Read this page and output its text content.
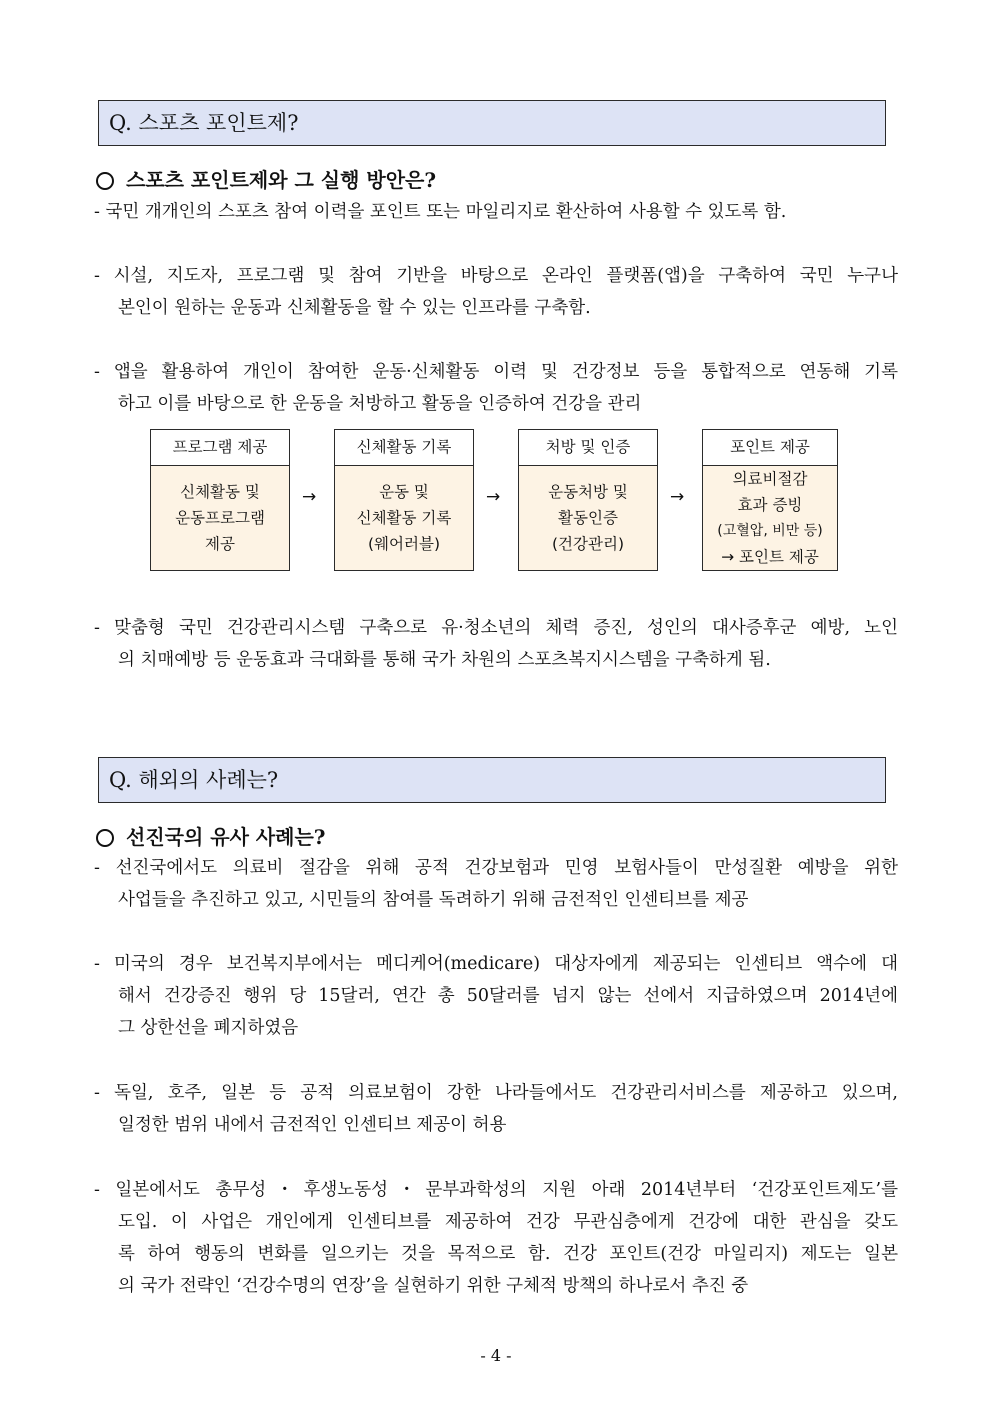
Q. 스포츠 포인트제?
스포츠 포인트제와 그 실행 방안은?
- 국민 개개인의 스포츠 참여 이력을 포인트 또는 마일리지로 환산하여 사용할 수 있도록 함.
- 시설, 지도자, 프로그램 및 참여 기반을 바탕으로 온라인 플랫폼(앱)을 구축하여 국민 누구나
본인이 원하는 운동과 신체활동을 할 수 있는 인프라를 구축함.
- 앱을 활용하여 개인이 참여한 운동·신체활동 이력 및 건강정보 등을 통합적으로 연동해 기록
하고 이를 바탕으로 한 운동을 처방하고 활동을 인증하여 건강을 관리
프로그램 제공
신체활동 및
운동프로그램
제공
→
신체활동 기록
운동 및
신체활동 기록
(웨어러블)
→
처방 및 인증
운동처방 및
활동인증
(건강관리)
→
포인트 제공
의료비절감
효과 증빙
(고혈압, 비만 등)
→ 포인트 제공
- 맞춤형 국민 건강관리시스템 구축으로 유·청소년의 체력 증진, 성인의 대사증후군 예방, 노인
의 치매예방 등 운동효과 극대화를 통해 국가 차원의 스포츠복지시스템을 구축하게 됨.
Q. 해외의 사례는?
선진국의 유사 사례는?
- 선진국에서도 의료비 절감을 위해 공적 건강보험과 민영 보험사들이 만성질환 예방을 위한
사업들을 추진하고 있고, 시민들의 참여를 독려하기 위해 금전적인 인센티브를 제공
- 미국의 경우 보건복지부에서는 메디케어(medicare) 대상자에게 제공되는 인센티브 액수에 대
해서 건강증진 행위 당 15달러, 연간 총 50달러를 넘지 않는 선에서 지급하였으며 2014년에
그 상한선을 폐지하였음
- 독일, 호주, 일본 등 공적 의료보험이 강한 나라들에서도 건강관리서비스를 제공하고 있으며,
일정한 범위 내에서 금전적인 인센티브 제공이 허용
- 일본에서도 총무성・후생노동성・문부과학성의 지원 아래 2014년부터 ‘건강포인트제도’를
도입. 이 사업은 개인에게 인센티브를 제공하여 건강 무관심층에게 건강에 대한 관심을 갖도
록 하여 행동의 변화를 일으키는 것을 목적으로 함. 건강 포인트(건강 마일리지) 제도는 일본
의 국가 전략인 ‘건강수명의 연장’을 실현하기 위한 구체적 방책의 하나로서 추진 중
- 4 -
